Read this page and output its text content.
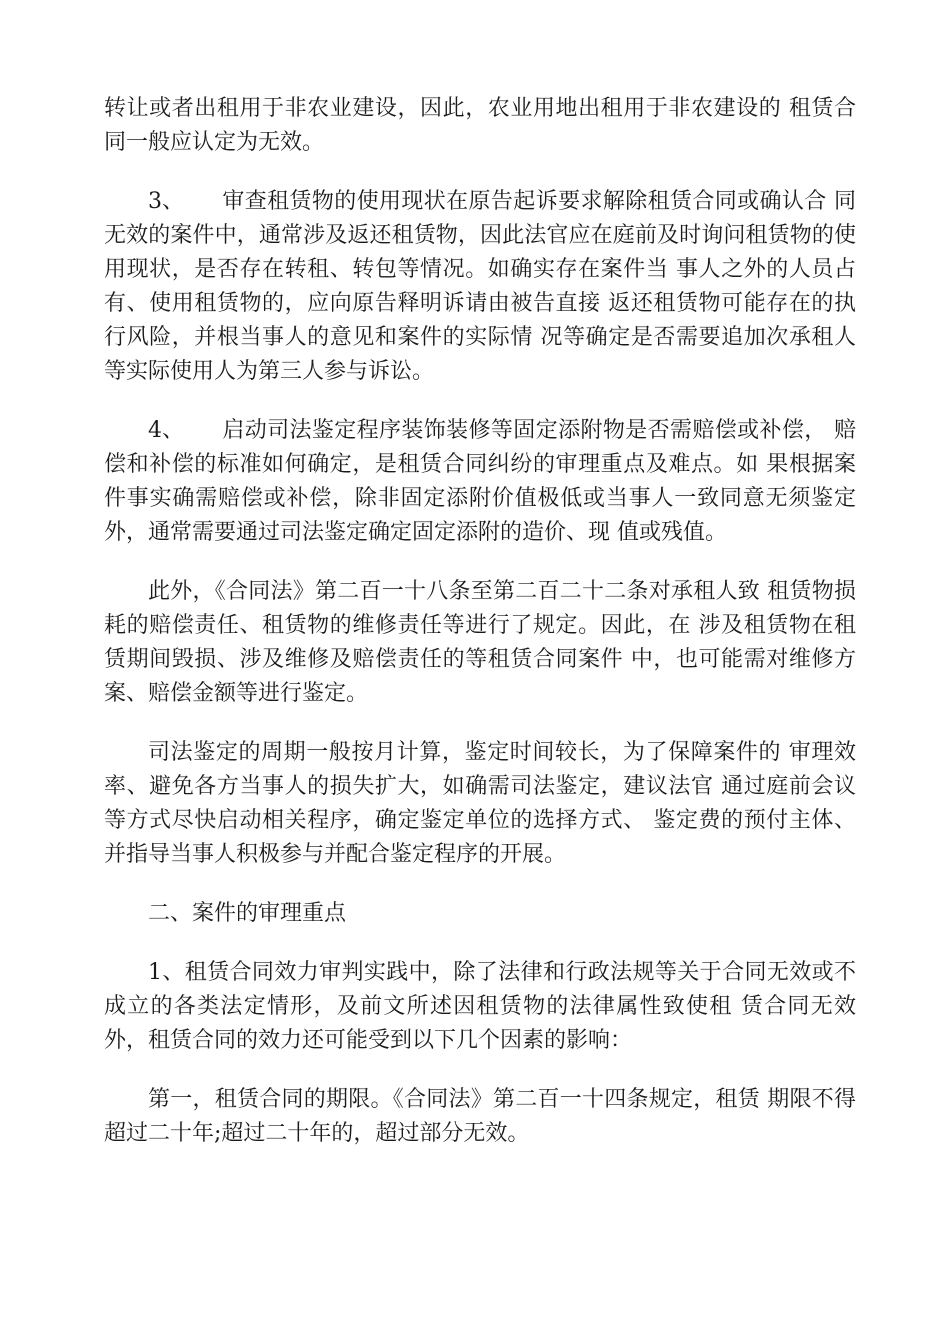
转让或者出租用于非农业建设，因此，农业用地出租用于非农建设的 租赁合同一般应认定为无效。

3、 审查租赁物的使用现状在原告起诉要求解除租赁合同或确认合 同无效的案件中，通常涉及返还租赁物，因此法官应在庭前及时询问租赁物的使用现状，是否存在转租、转包等情况。如确实存在案件当 事人之外的人员占有、使用租赁物的，应向原告释明诉请由被告直接 返还租赁物可能存在的执行风险，并根当事人的意见和案件的实际情 况等确定是否需要追加次承租人等实际使用人为第三人参与诉讼。

4、 启动司法鉴定程序装饰装修等固定添附物是否需赔偿或补偿， 赔偿和补偿的标准如何确定，是租赁合同纠纷的审理重点及难点。如 果根据案件事实确需赔偿或补偿，除非固定添附价值极低或当事人一致同意无须鉴定外，通常需要通过司法鉴定确定固定添附的造价、现 值或残值。

此外，《合同法》第二百一十八条至第二百二十二条对承租人致 租赁物损耗的赔偿责任、租赁物的维修责任等进行了规定。因此，在 涉及租赁物在租赁期间毁损、涉及维修及赔偿责任的等租赁合同案件 中，也可能需对维修方案、赔偿金额等进行鉴定。

司法鉴定的周期一般按月计算，鉴定时间较长，为了保障案件的 审理效率、避免各方当事人的损失扩大，如确需司法鉴定，建议法官 通过庭前会议等方式尽快启动相关程序，确定鉴定单位的选择方式、 鉴定费的预付主体、并指导当事人积极参与并配合鉴定程序的开展。

二、案件的审理重点

1、租赁合同效力审判实践中，除了法律和行政法规等关于合同无效或不成立的各类法定情形，及前文所述因租赁物的法律属性致使租 赁合同无效外，租赁合同的效力还可能受到以下几个因素的影响：

第一，租赁合同的期限。《合同法》第二百一十四条规定，租赁 期限不得超过二十年;超过二十年的，超过部分无效。
